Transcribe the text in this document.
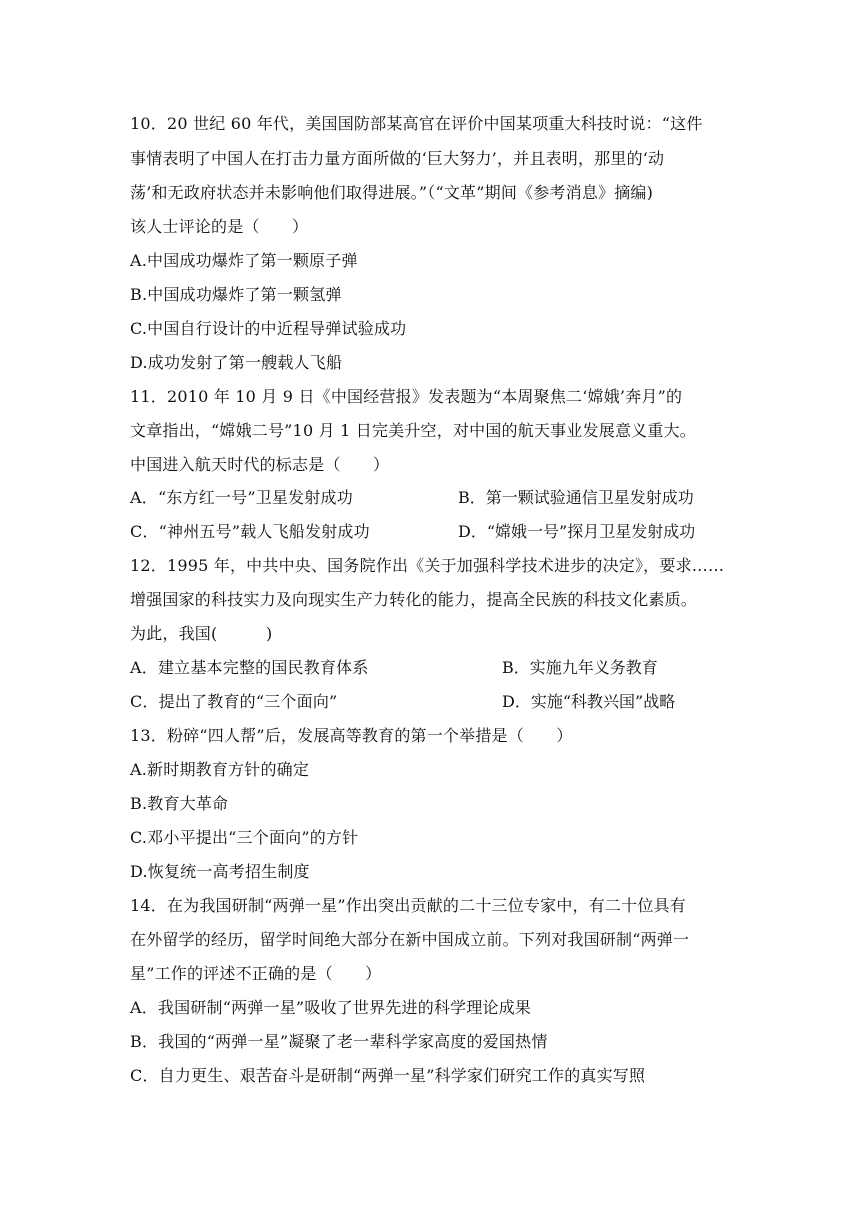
10．20 世纪 60 年代，美国国防部某高官在评价中国某项重大科技时说：“这件
事情表明了中国人在打击力量方面所做的‘巨大努力’，并且表明，那里的‘动
荡’和无政府状态并未影响他们取得进展。”（“文革”期间《参考消息》摘编)
该人士评论的是（　　）
A.中国成功爆炸了第一颗原子弹
B.中国成功爆炸了第一颗氢弹
C.中国自行设计的中近程导弹试验成功
D.成功发射了第一艘载人飞船
11．2010 年 10 月 9 日《中国经营报》发表题为“本周聚焦二‘嫦娥’奔月”的
文章指出，“嫦娥二号”10 月 1 日完美升空，对中国的航天事业发展意义重大。
中国进入航天时代的标志是（　　）
A．“东方红一号”卫星发射成功	B．第一颗试验通信卫星发射成功
C．“神州五号”载人飞船发射成功	D．“嫦娥一号”探月卫星发射成功
12．1995 年，中共中央、国务院作出《关于加强科学技术进步的决定》，要求……
增强国家的科技实力及向现实生产力转化的能力，提高全民族的科技文化素质。
为此，我国(　　　)
A．建立基本完整的国民教育体系	B．实施九年义务教育
C．提出了教育的“三个面向”	D．实施“科教兴国”战略
13．粉碎“四人帮”后，发展高等教育的第一个举措是（　　）
A.新时期教育方针的确定
B.教育大革命
C.邓小平提出“三个面向”的方针
D.恢复统一高考招生制度
14．在为我国研制“两弹一星”作出突出贡献的二十三位专家中，有二十位具有
在外留学的经历，留学时间绝大部分在新中国成立前。下列对我国研制“两弹一
星”工作的评述不正确的是（　　）
A．我国研制“两弹一星”吸收了世界先进的科学理论成果
B．我国的“两弹一星”凝聚了老一辈科学家高度的爱国热情
C．自力更生、艰苦奋斗是研制“两弹一星”科学家们研究工作的真实写照
